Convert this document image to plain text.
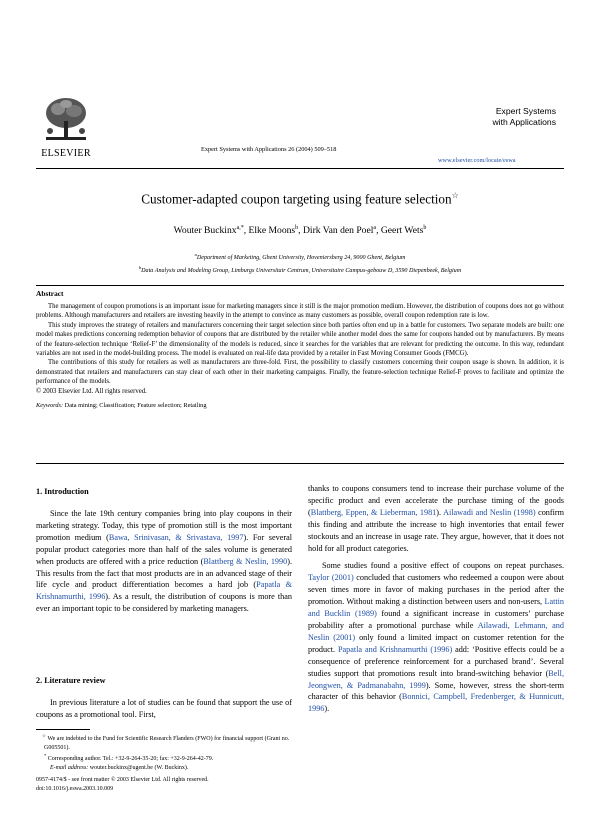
ELSEVIER	Expert Systems with Applications 26 (2004) 509–518
Expert Systems
with Applications
www.elsevier.com/locate/eswa
Customer-adapted coupon targeting using feature selection☆
Wouter Buckinx$^{a,*}$, Elke Moons$^b$, Dirk Van den Poel$^a$, Geert Wets$^b$
$^a$Department of Marketing, Ghent University, Hoveniersberg 24, 9000 Ghent, Belgium
$^b$Data Analysis and Modeling Group, Limburgs Universitair Centrum, Universitaire Campus-gebouw D, 3590 Diepenbeek, Belgium
Abstract

The management of coupon promotions is an important issue for marketing managers since it still is the major promotion medium. However, the distribution of coupons does not go without problems. Although manufacturers and retailers are investing heavily in the attempt to convince as many customers as possible, overall coupon redemption rate is low.

This study improves the strategy of retailers and manufacturers concerning their target selection since both parties often end up in a battle for customers. Two separate models are built: one model makes predictions concerning redemption behavior of coupons that are distributed by the retailer while another model does the same for coupons handed out by manufacturers. By means of the feature-selection technique ‘Relief-F’ the dimensionality of the models is reduced, since it searches for the variables that are relevant for predicting the outcome. In this way, redundant variables are not used in the model-building process. The model is evaluated on real-life data provided by a retailer in Fast Moving Consumer Goods (FMCG).

The contributions of this study for retailers as well as manufacturers are three-fold. First, the possibility to classify customers concerning their coupon usage is shown. In addition, it is demonstrated that retailers and manufacturers can stay clear of each other in their marketing campaigns. Finally, the feature-selection technique Relief-F proves to facilitate and optimize the performance of the models.

© 2003 Elsevier Ltd. All rights reserved.
Keywords: Data mining; Classification; Feature selection; Retailing
1. Introduction

Since the late 19th century companies bring into play coupons in their marketing strategy. Today, this type of promotion still is the most important promotion medium (Bawa, Srinivasan, & Srivastava, 1997). For several popular product categories more than half of the sales volume is generated when products are offered with a price reduction (Blattberg & Neslin, 1990). This results from the fact that most products are in an advanced stage of their life cycle and product differentiation becomes a hard job (Papatla & Krishnamurthi, 1996). As a result, the distribution of coupons is more than ever an important topic to be considered by marketing managers.

2. Literature review

In previous literature a lot of studies can be found that support the use of coupons as a promotional tool. First,

☆ We are indebted to the Fund for Scientific Research Flanders (FWO) for financial support (Grant no. G005501).
* Corresponding author. Tel.: +32-9-264-35-20; fax: +32-9-264-42-79.
E-mail address: wouter.buckinx@ugent.be (W. Buckinx).
0957-4174/$ - see front matter © 2003 Elsevier Ltd. All rights reserved.
doi:10.1016/j.eswa.2003.10.009

thanks to coupons consumers tend to increase their purchase volume of the specific product and even accelerate the purchase timing of the goods (Blattberg, Eppen, & Lieberman, 1981). Ailawadi and Neslin (1998) confirm this finding and attribute the increase to high inventories that entail fewer stockouts and an increase in usage rate. They argue, however, that it does not hold for all product categories.

Some studies found a positive effect of coupons on repeat purchases. Taylor (2001) concluded that customers who redeemed a coupon were about seven times more in favor of making purchases in the period after the promotion. Without making a distinction between users and non-users, Lattin and Bucklin (1989) found a significant increase in customers’ purchase probability after a promotional purchase while Ailawadi, Lehmann, and Neslin (2001) only found a limited impact on customer retention for the product. Papatla and Krishnamurthi (1996) add: ‘Positive effects could be a consequence of preference reinforcement for a purchased brand’. Several studies support that promotions result into brand-switching behavior (Bell, Jeongwen, & Padmanabahn, 1999). Some, however, stress the short-term character of this behavior (Bonnici, Campbell, Fredenberger, & Hunnicutt, 1996).
